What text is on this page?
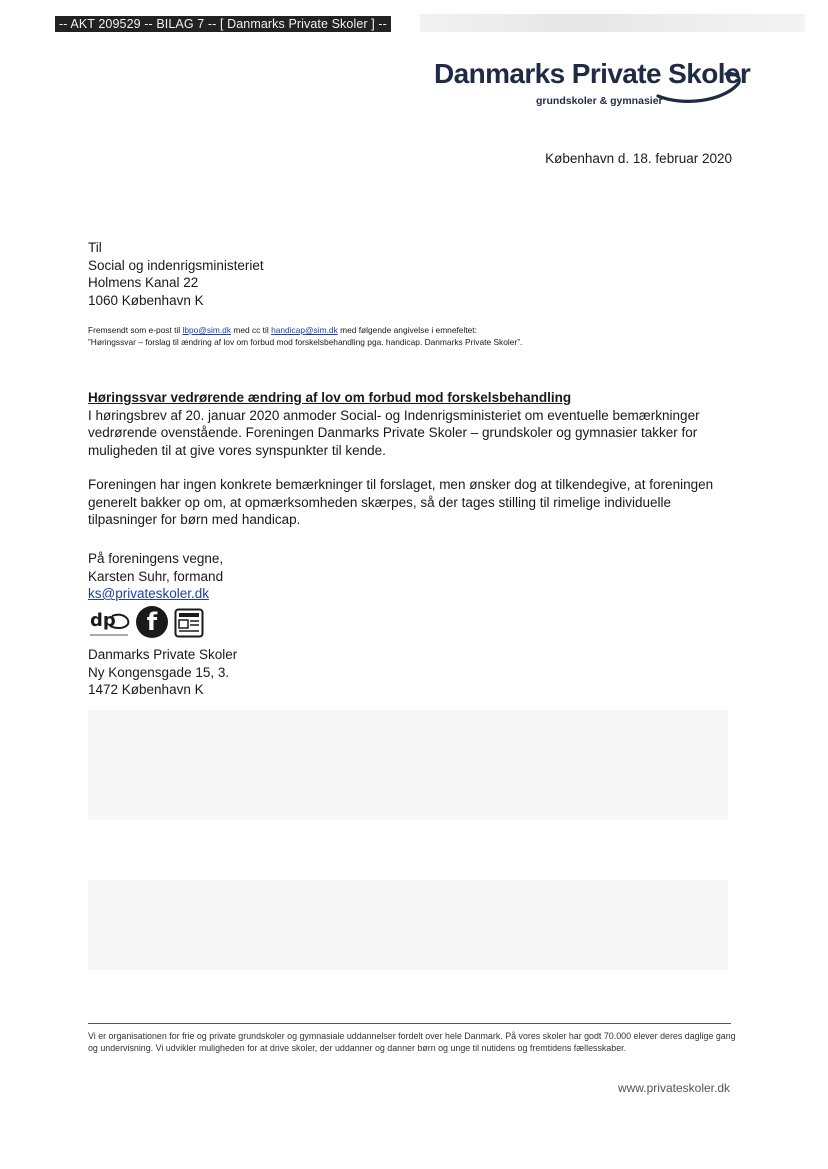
-- AKT 209529 -- BILAG 7 -- [ Danmarks Private Skoler ] --
Danmarks Private Skoler
grundskoler & gymnasier
København d. 18. februar 2020
Til
Social og indenrigsministeriet
Holmens Kanal 22
1060 København K
Fremsendt som e-post til lbpo@sim.dk med cc til handicap@sim.dk med følgende angivelse i emnefeltet:
”Høringssvar – forslag til ændring af lov om forbud mod forskelsbehandling pga. handicap. Danmarks Private Skoler”.

Høringssvar vedrørende ændring af lov om forbud mod forskelsbehandling

I høringsbrev af 20. januar 2020 anmoder Social- og Indenrigsministeriet om eventuelle bemærkninger vedrørende ovenstående. Foreningen Danmarks Private Skoler – grundskoler og gymnasier takker for muligheden til at give vores synspunkter til kende.

Foreningen har ingen konkrete bemærkninger til forslaget, men ønsker dog at tilkendegive, at foreningen generelt bakker op om, at opmærksomheden skærpes, så der tages stilling til rimelige individuelle tilpasninger for børn med handicap.

På foreningens vegne,
Karsten Suhr, formand
ks@privateskoler.dk
dp	f
Danmarks Private Skoler
Ny Kongensgade 15, 3.
1472 København K
Vi er organisationen for frie og private grundskoler og gymnasiale uddannelser fordelt over hele Danmark. På vores skoler har godt 70.000 elever deres daglige gang og undervisning. Vi udvikler muligheden for at drive skoler, der uddanner og danner børn og unge til nutidens og fremtidens fællesskaber.
www.privateskoler.dk
